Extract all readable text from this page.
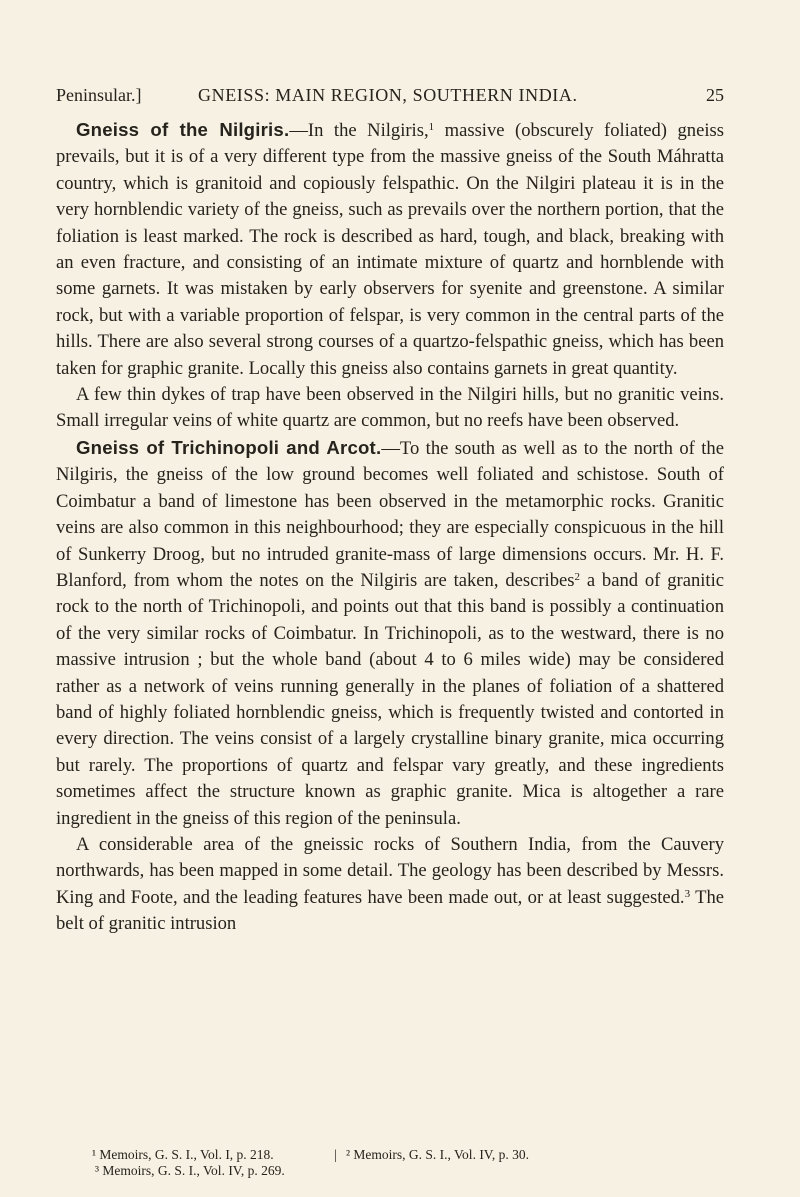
Peninsular.]	GNEISS: MAIN REGION, SOUTHERN INDIA.	25

Gneiss of the Nilgiris.—In the Nilgiris,$^1$ massive (obscurely foliated) gneiss prevails, but it is of a very different type from the massive gneiss of the South Máhratta country, which is granitoid and copiously felspathic. On the Nilgiri plateau it is in the very hornblendic variety of the gneiss, such as prevails over the northern portion, that the foliation is least marked. The rock is described as hard, tough, and black, breaking with an even fracture, and consisting of an intimate mixture of quartz and hornblende with some garnets. It was mistaken by early observers for syenite and greenstone. A similar rock, but with a variable proportion of felspar, is very common in the central parts of the hills. There are also several strong courses of a quartzo-felspathic gneiss, which has been taken for graphic granite. Locally this gneiss also contains garnets in great quantity.

A few thin dykes of trap have been observed in the Nilgiri hills, but no granitic veins. Small irregular veins of white quartz are common, but no reefs have been observed.

Gneiss of Trichinopoli and Arcot.—To the south as well as to the north of the Nilgiris, the gneiss of the low ground becomes well foliated and schistose. South of Coimbatur a band of limestone has been observed in the metamorphic rocks. Granitic veins are also common in this neighbourhood; they are especially conspicuous in the hill of Sunkerry Droog, but no intruded granite-mass of large dimensions occurs. Mr. H. F. Blanford, from whom the notes on the Nilgiris are taken, describes$^2$ a band of granitic rock to the north of Trichinopoli, and points out that this band is possibly a continuation of the very similar rocks of Coimbatur. In Trichinopoli, as to the westward, there is no massive intrusion ; but the whole band (about 4 to 6 miles wide) may be considered rather as a network of veins running generally in the planes of foliation of a shattered band of highly foliated hornblendic gneiss, which is frequently twisted and contorted in every direction. The veins consist of a largely crystalline binary granite, mica occurring but rarely. The proportions of quartz and felspar vary greatly, and these ingredients sometimes affect the structure known as graphic granite. Mica is altogether a rare ingredient in the gneiss of this region of the peninsula.

A considerable area of the gneissic rocks of Southern India, from the Cauvery northwards, has been mapped in some detail. The geology has been described by Messrs. King and Foote, and the leading features have been made out, or at least suggested.$^3$ The belt of granitic intrusion

¹ Memoirs, G. S. I., Vol. I, p. 218.	| ² Memoirs, G. S. I., Vol. IV, p. 30.
³ Memoirs, G. S. I., Vol. IV, p. 269.
